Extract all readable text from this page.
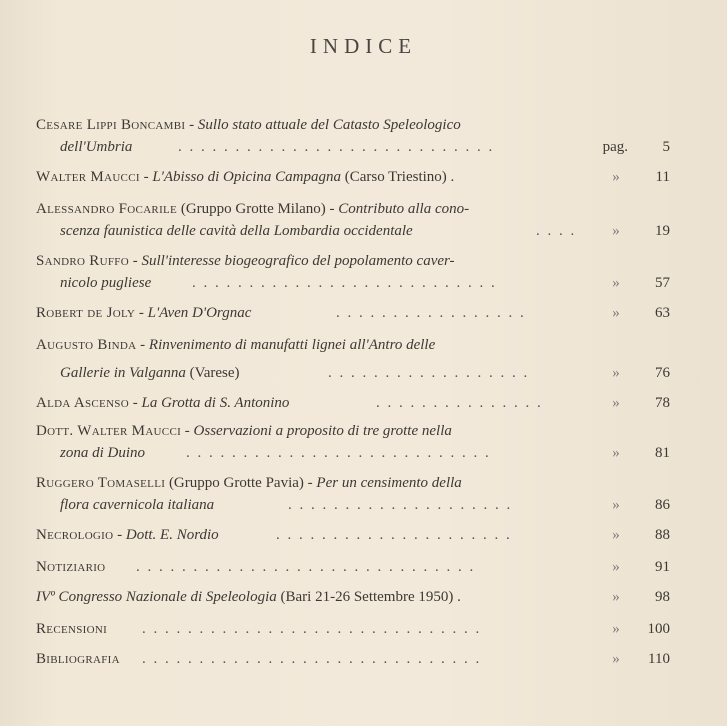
INDICE
Cesare Lippi Boncambi - Sullo stato attuale del Catasto Speleologico
dell'Umbria	. . . . . . . . . . . . . . . . . . . . . . . . . . . .	pag. 5
Walter Maucci - L'Abisso di Opicina Campagna (Carso Triestino) .	»	11
Alessandro Focarile (Gruppo Grotte Milano) - Contributo alla cono-
scenza faunistica delle cavità della Lombardia occidentale	. . . .	»	19
Sandro Ruffo - Sull'interesse biogeografico del popolamento caver-
nicolo pugliese	. . . . . . . . . . . . . . . . . . . . . . . . . . .	»	57
Robert de Joly - L'Aven D'Orgnac	. . . . . . . . . . . . . . . . .	»	63
Augusto Binda - Rinvenimento di manufatti lignei all'Antro delle
Gallerie in Valganna (Varese)	. . . . . . . . . . . . . . . . . .	»	76
Alda Ascenso - La Grotta di S. Antonino	. . . . . . . . . . . . . . .	»	78
Dott. Walter Maucci - Osservazioni a proposito di tre grotte nella
zona di Duino	. . . . . . . . . . . . . . . . . . . . . . . . . . .	»	81
Ruggero Tomaselli (Gruppo Grotte Pavia) - Per un censimento della
flora cavernicola italiana	. . . . . . . . . . . . . . . . . . . .	»	86
Necrologio - Dott. E. Nordio	. . . . . . . . . . . . . . . . . . . . .	»	88
Notiziario . . . . . . . . . . . . . . . . . . . . . . . . . . . . . .	»	91
IVº Congresso Nazionale di Speleologia (Bari 21-26 Settembre 1950) .	»	98
Recensioni . . . . . . . . . . . . . . . . . . . . . . . . . . . . . .	»	100
Bibliografia . . . . . . . . . . . . . . . . . . . . . . . . . . . . . .	»	110
